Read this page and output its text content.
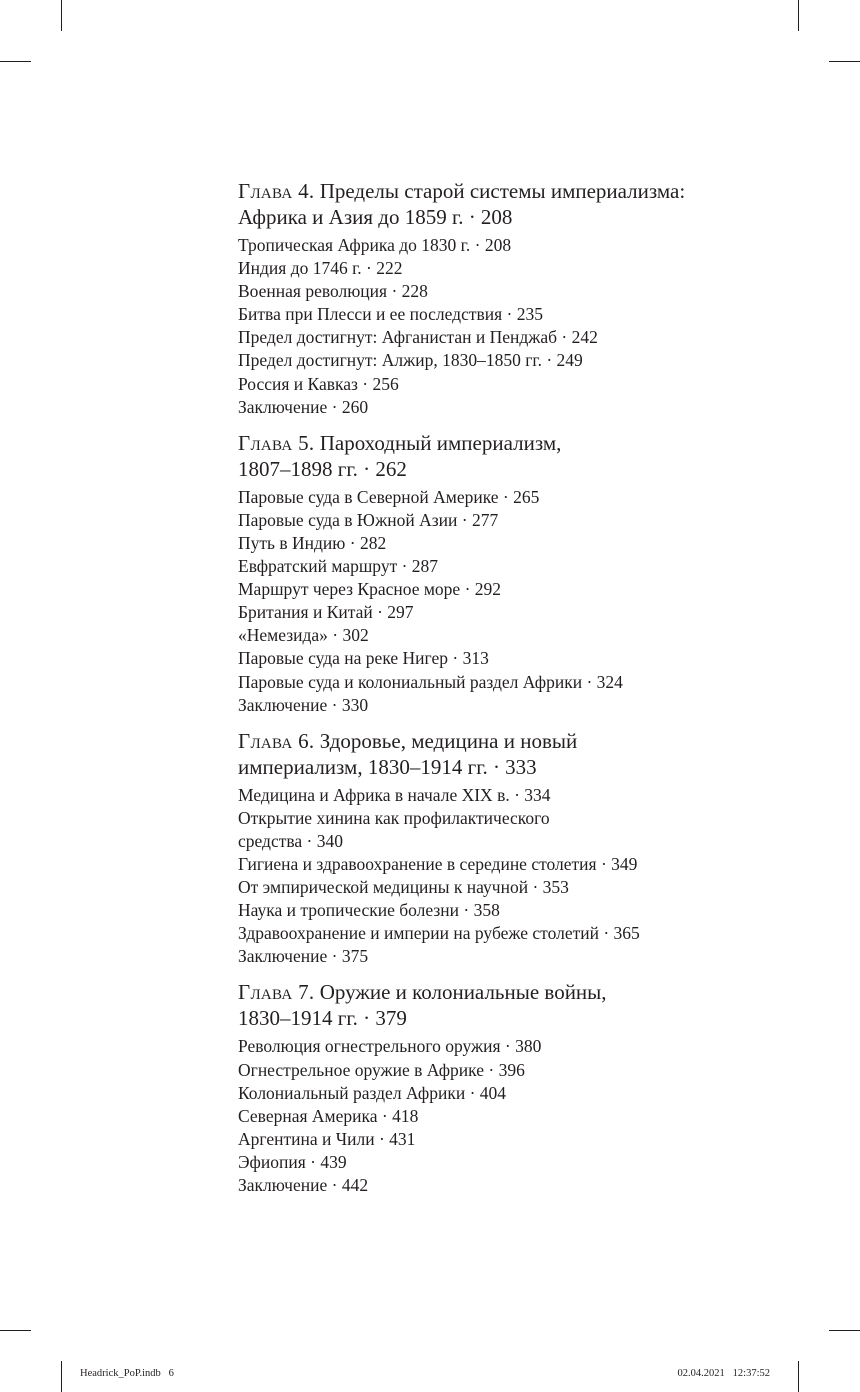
Глава 4. Пределы старой системы империализма:
Африка и Азия до 1859 г. · 208
Тропическая Африка до 1830 г. · 208
Индия до 1746 г. · 222
Военная революция · 228
Битва при Плесси и ее последствия · 235
Предел достигнут: Афганистан и Пенджаб · 242
Предел достигнут: Алжир, 1830–1850 гг. · 249
Россия и Кавказ · 256
Заключение · 260
Глава 5. Пароходный империализм,
1807–1898 гг. · 262
Паровые суда в Северной Америке · 265
Паровые суда в Южной Азии · 277
Путь в Индию · 282
Евфратский маршрут · 287
Маршрут через Красное море · 292
Британия и Китай · 297
«Немезида» · 302
Паровые суда на реке Нигер · 313
Паровые суда и колониальный раздел Африки · 324
Заключение · 330
Глава 6. Здоровье, медицина и новый
империализм, 1830–1914 гг. · 333
Медицина и Африка в начале XIX в. · 334
Открытие хинина как профилактического
средства · 340
Гигиена и здравоохранение в середине столетия · 349
От эмпирической медицины к научной · 353
Наука и тропические болезни · 358
Здравоохранение и империи на рубеже столетий · 365
Заключение · 375
Глава 7. Оружие и колониальные войны,
1830–1914 гг. · 379
Революция огнестрельного оружия · 380
Огнестрельное оружие в Африке · 396
Колониальный раздел Африки · 404
Северная Америка · 418
Аргентина и Чили · 431
Эфиопия · 439
Заключение · 442
Headrick_PoP.indb   6	02.04.2021   12:37:52
